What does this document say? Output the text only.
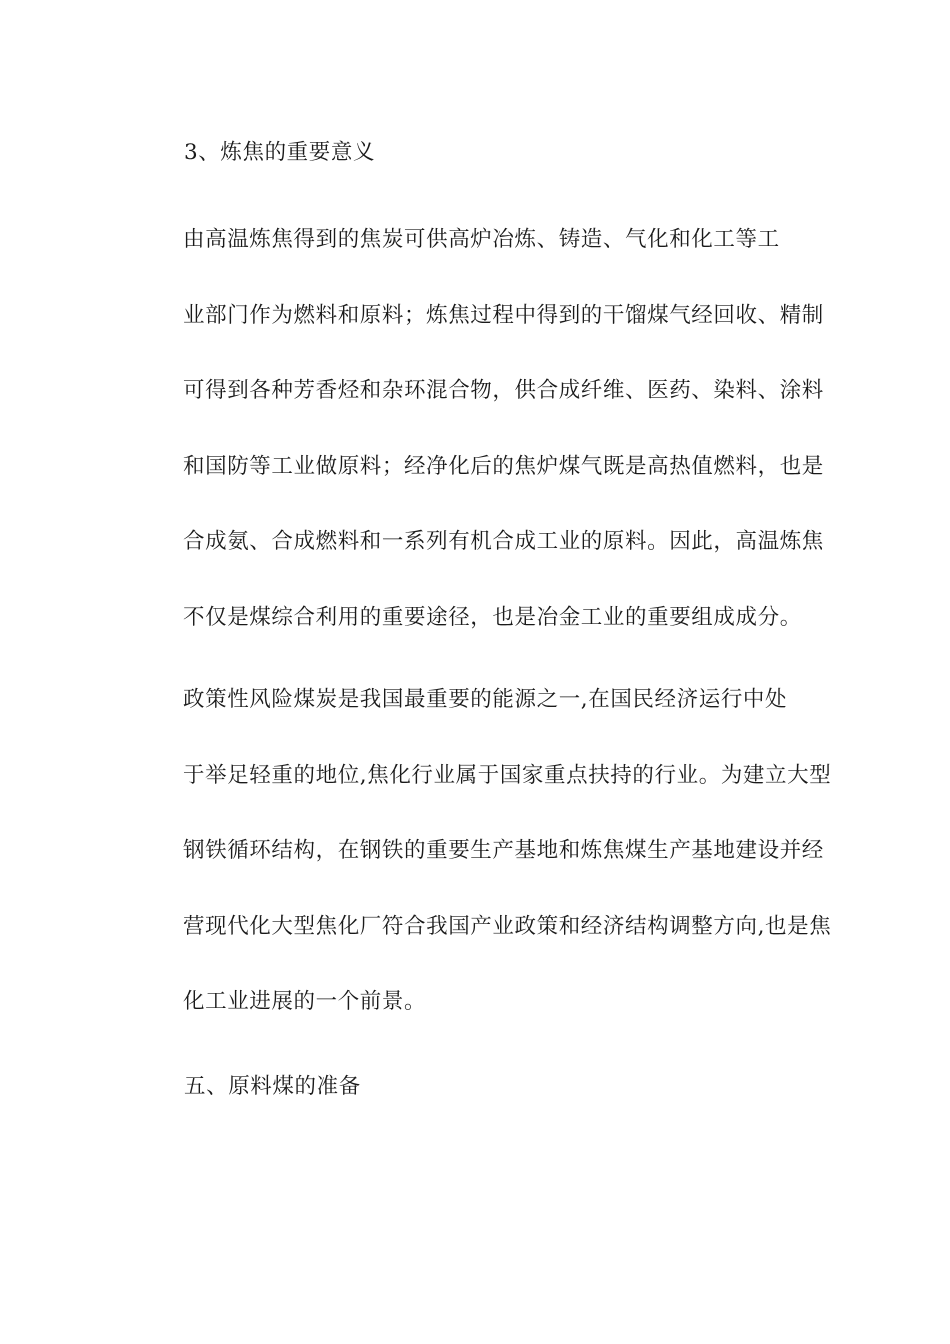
3、炼焦的重要意义
由高温炼焦得到的焦炭可供高炉冶炼、铸造、气化和化工等工
业部门作为燃料和原料；炼焦过程中得到的干馏煤气经回收、精制
可得到各种芳香烃和杂环混合物，供合成纤维、医药、染料、涂料
和国防等工业做原料；经净化后的焦炉煤气既是高热值燃料，也是
合成氨、合成燃料和一系列有机合成工业的原料。因此，高温炼焦
不仅是煤综合利用的重要途径，也是冶金工业的重要组成成分。
政策性风险煤炭是我国最重要的能源之一,在国民经济运行中处
于举足轻重的地位,焦化行业属于国家重点扶持的行业。为建立大型
钢铁循环结构，在钢铁的重要生产基地和炼焦煤生产基地建设并经
营现代化大型焦化厂符合我国产业政策和经济结构调整方向,也是焦
化工业进展的一个前景。
五、原料煤的准备
